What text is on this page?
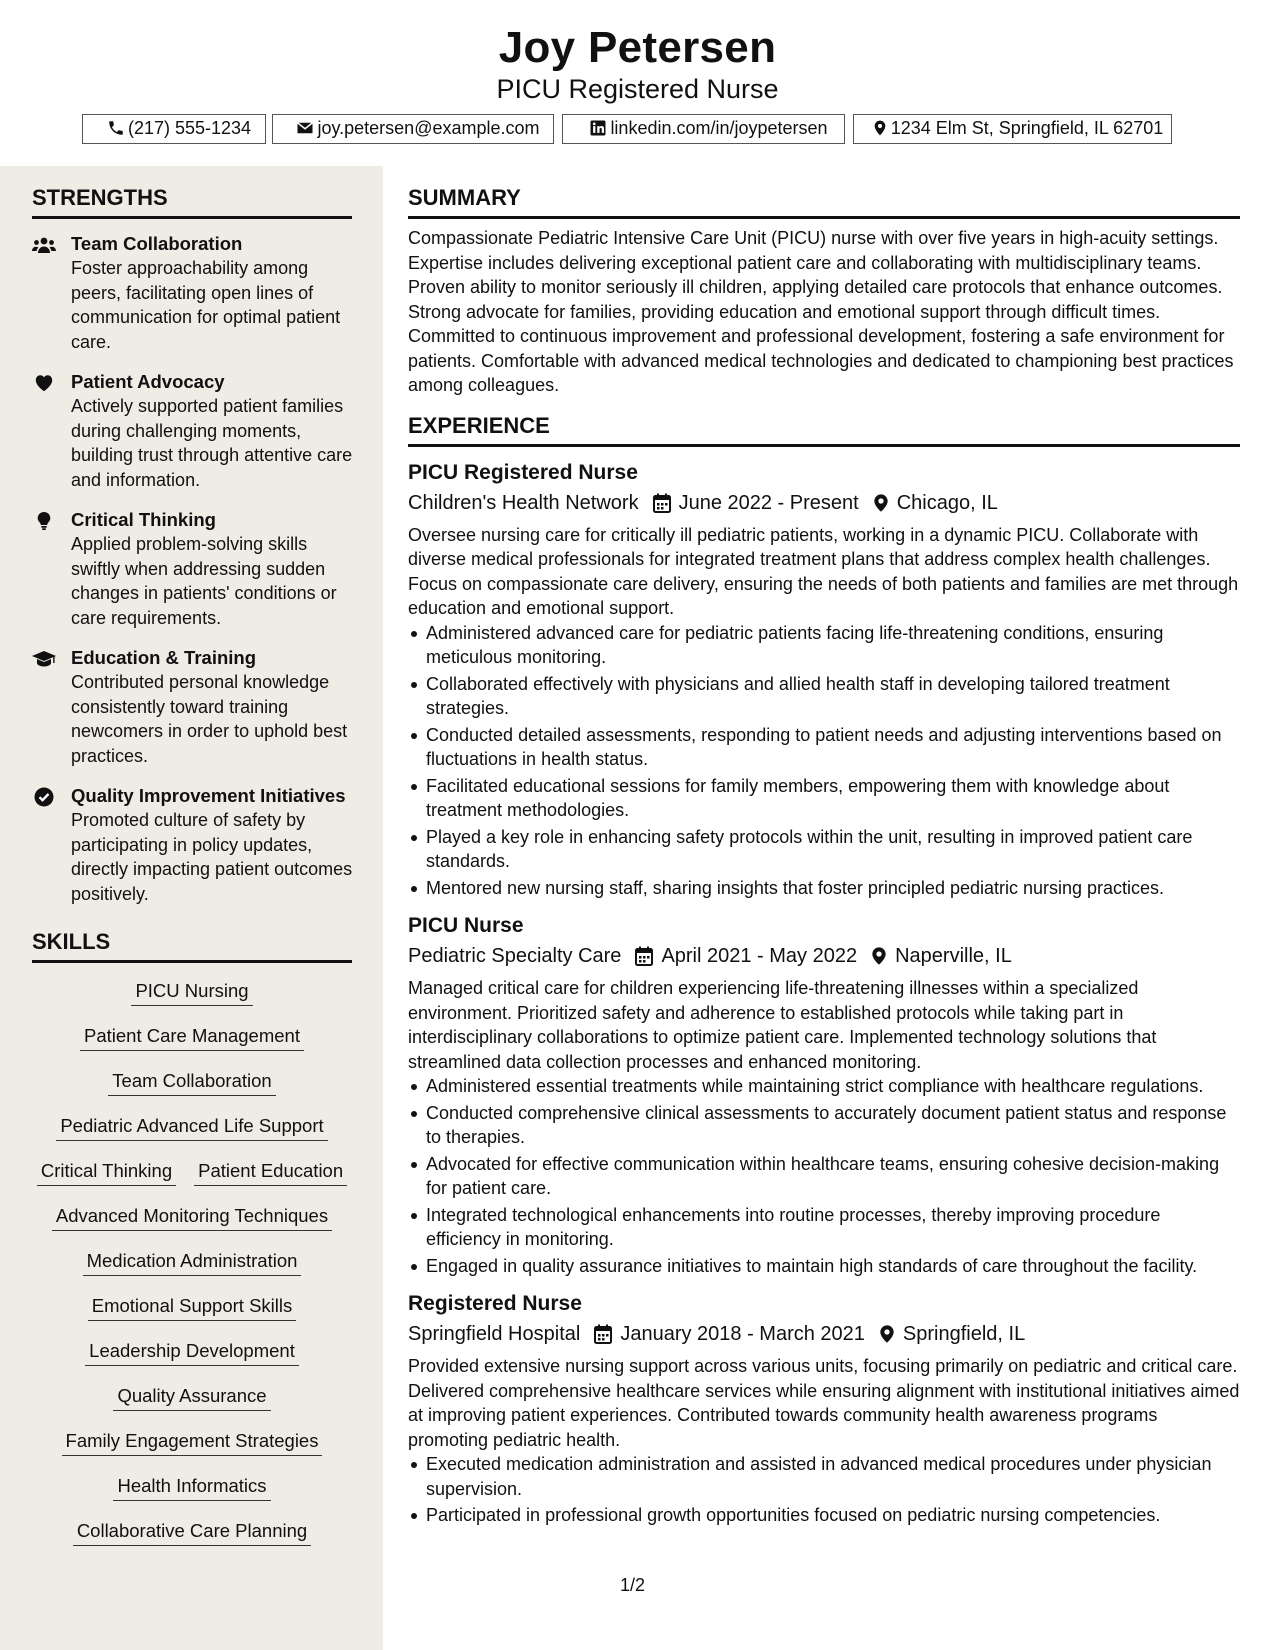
Joy Petersen
PICU Registered Nurse
(217) 555-1234	joy.petersen@example.com	linkedin.com/in/joypetersen	1234 Elm St, Springfield, IL 62701
STRENGTHS
Team Collaboration
Foster approachability among peers, facilitating open lines of communication for optimal patient care.
Patient Advocacy
Actively supported patient families during challenging moments, building trust through attentive care and information.
Critical Thinking
Applied problem-solving skills swiftly when addressing sudden changes in patients' conditions or care requirements.
Education & Training
Contributed personal knowledge consistently toward training newcomers in order to uphold best practices.
Quality Improvement Initiatives
Promoted culture of safety by participating in policy updates, directly impacting patient outcomes positively.
SKILLS
PICU Nursing
Patient Care Management
Team Collaboration
Pediatric Advanced Life Support
Critical Thinking Patient Education
Advanced Monitoring Techniques
Medication Administration
Emotional Support Skills
Leadership Development
Quality Assurance
Family Engagement Strategies
Health Informatics
Collaborative Care Planning
SUMMARY

Compassionate Pediatric Intensive Care Unit (PICU) nurse with over five years in high-acuity settings. Expertise includes delivering exceptional patient care and collaborating with multidisciplinary teams. Proven ability to monitor seriously ill children, applying detailed care protocols that enhance outcomes. Strong advocate for families, providing education and emotional support through difficult times. Committed to continuous improvement and professional development, fostering a safe environment for patients. Comfortable with advanced medical technologies and dedicated to championing best practices among colleagues.

EXPERIENCE
PICU Registered Nurse
Children's Health Network June 2022 - Present Chicago, IL

Oversee nursing care for critically ill pediatric patients, working in a dynamic PICU. Collaborate with diverse medical professionals for integrated treatment plans that address complex health challenges. Focus on compassionate care delivery, ensuring the needs of both patients and families are met through education and emotional support.

Administered advanced care for pediatric patients facing life-threatening conditions, ensuring meticulous monitoring.
Collaborated effectively with physicians and allied health staff in developing tailored treatment strategies.
Conducted detailed assessments, responding to patient needs and adjusting interventions based on fluctuations in health status.
Facilitated educational sessions for family members, empowering them with knowledge about treatment methodologies.
Played a key role in enhancing safety protocols within the unit, resulting in improved patient care standards.
Mentored new nursing staff, sharing insights that foster principled pediatric nursing practices.
PICU Nurse
Pediatric Specialty Care April 2021 - May 2022 Naperville, IL

Managed critical care for children experiencing life-threatening illnesses within a specialized environment. Prioritized safety and adherence to established protocols while taking part in interdisciplinary collaborations to optimize patient care. Implemented technology solutions that streamlined data collection processes and enhanced monitoring.

Administered essential treatments while maintaining strict compliance with healthcare regulations.
Conducted comprehensive clinical assessments to accurately document patient status and response to therapies.
Advocated for effective communication within healthcare teams, ensuring cohesive decision-making for patient care.
Integrated technological enhancements into routine processes, thereby improving procedure efficiency in monitoring.
Engaged in quality assurance initiatives to maintain high standards of care throughout the facility.
Registered Nurse
Springfield Hospital January 2018 - March 2021 Springfield, IL

Provided extensive nursing support across various units, focusing primarily on pediatric and critical care. Delivered comprehensive healthcare services while ensuring alignment with institutional initiatives aimed at improving patient experiences. Contributed towards community health awareness programs promoting pediatric health.

Executed medication administration and assisted in advanced medical procedures under physician supervision.
Participated in professional growth opportunities focused on pediatric nursing competencies.
1/2
